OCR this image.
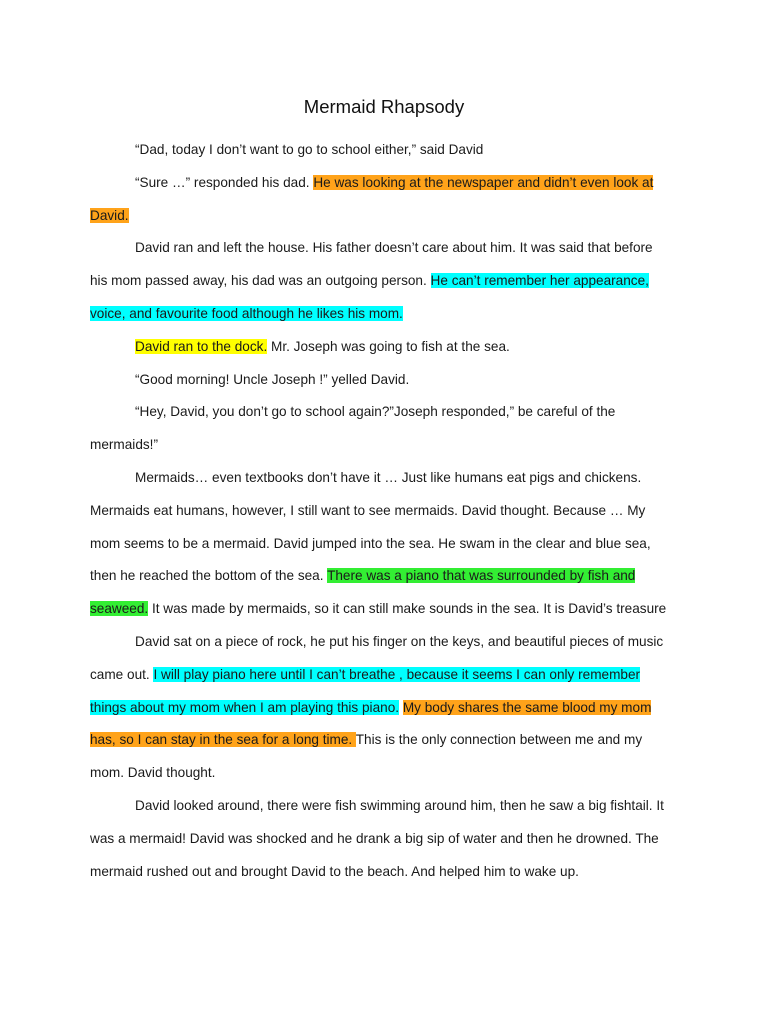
Mermaid Rhapsody

“Dad, today I don’t want to go to school either,” said David

“Sure …” responded his dad. He was looking at the newspaper and didn’t even look at
David.

David ran and left the house. His father doesn’t care about him. It was said that before
his mom passed away, his dad was an outgoing person. He can’t remember her appearance,
voice, and favourite food although he likes his mom.

David ran to the dock. Mr. Joseph was going to fish at the sea.

“Good morning! Uncle Joseph !” yelled David.

“Hey, David, you don’t go to school again?”Joseph responded,” be careful of the
mermaids!”

Mermaids… even textbooks don’t have it … Just like humans eat pigs and chickens.
Mermaids eat humans, however, I still want to see mermaids. David thought. Because … My
mom seems to be a mermaid. David jumped into the sea. He swam in the clear and blue sea,
then he reached the bottom of the sea. There was a piano that was surrounded by fish and
seaweed. It was made by mermaids, so it can still make sounds in the sea. It is David’s treasure

David sat on a piece of rock, he put his finger on the keys, and beautiful pieces of music
came out. I will play piano here until I can’t breathe , because it seems I can only remember
things about my mom when I am playing this piano. My body shares the same blood my mom
has, so I can stay in the sea for a long time. This is the only connection between me and my
mom. David thought.

David looked around, there were fish swimming around him, then he saw a big fishtail. It
was a mermaid! David was shocked and he drank a big sip of water and then he drowned. The
mermaid rushed out and brought David to the beach. And helped him to wake up.
